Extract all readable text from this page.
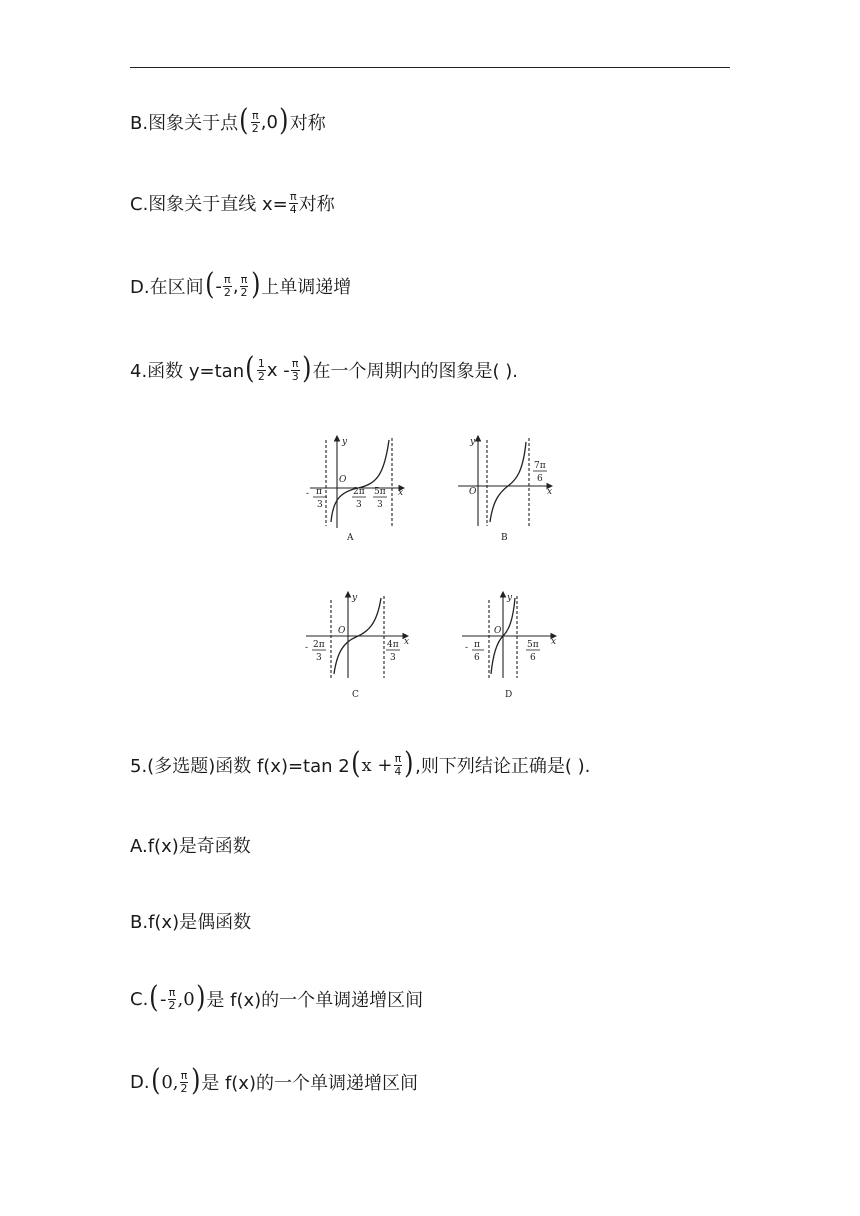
B.图象关于点 ( $\frac{\pi}{2} ,0$ ) 对称
C.图象关于直线 $x= \frac{\pi}{4}$ 对称
D.在区间 ( - $\frac{\pi}{2}$ , $\frac{\pi}{2}$ ) 上单调递增
4.函数 y=tan ( $\frac{1}{2}$ x - $\frac{\pi}{3}$ ) 在一个周期内的图象是( ).
y
x
O
- π
3
2π
3
5π
3
A
y
x
O
7π
6
B
y
x
O
- 2π
3
4π
3
C
y
x
O
- π
6
5π
6
D
5.(多选题)函数 f(x)=tan 2 ( $x + \frac{\pi}{4}$ ) ,则下列结论正确是( ).
A.f(x)是奇函数
B.f(x)是偶函数
C. ( - $\frac{\pi}{2} ,0$ ) 是 f(x)的一个单调递增区间
D. ( 0, $\frac{\pi}{2}$ ) 是 f(x)的一个单调递增区间
